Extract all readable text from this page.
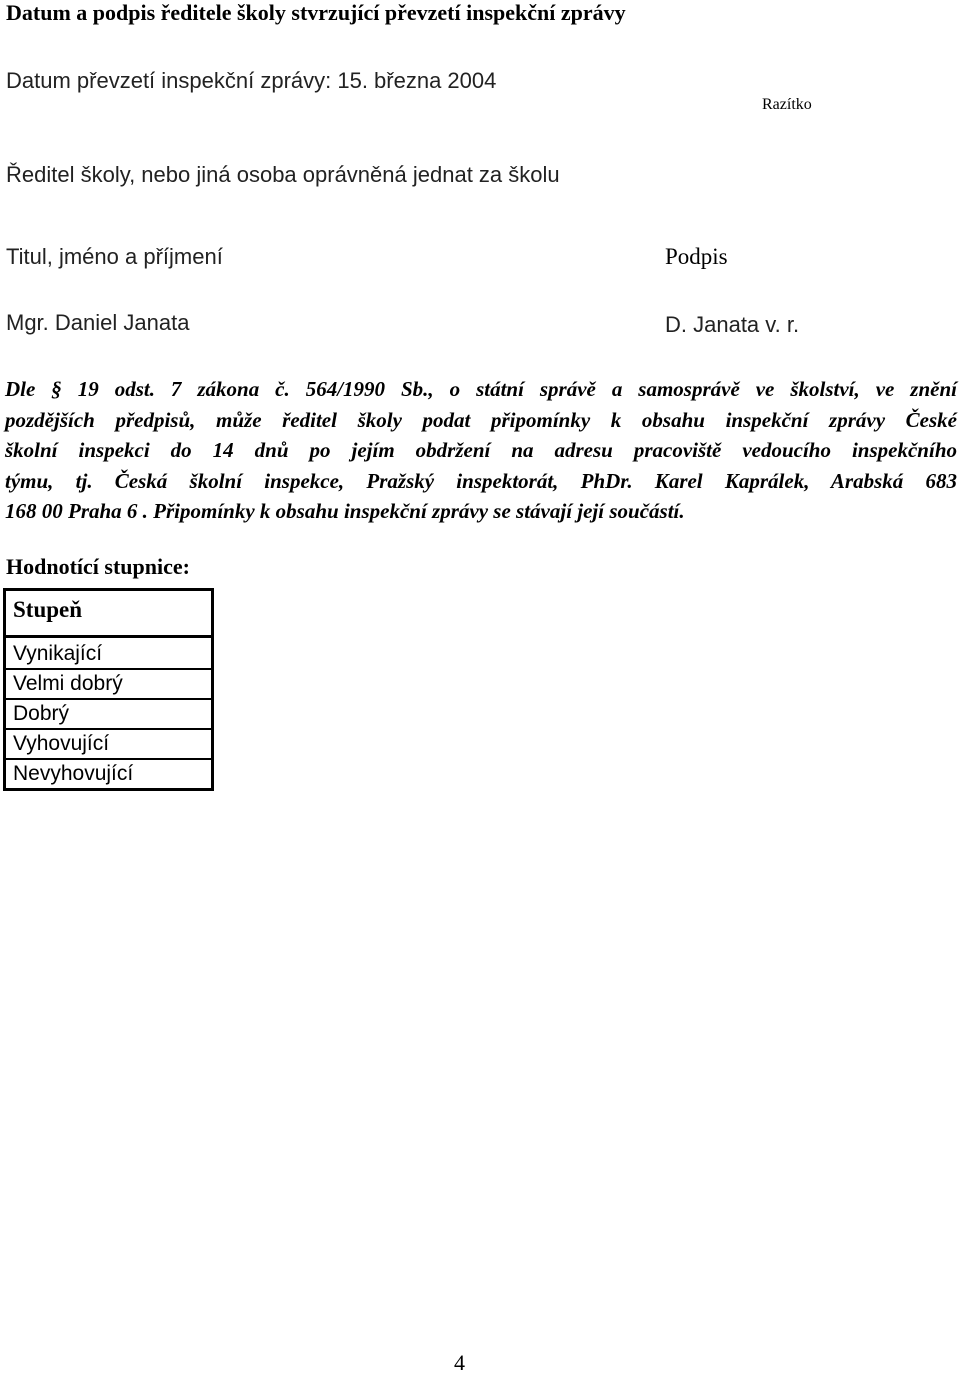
Datum a podpis ředitele školy stvrzující převzetí inspekční zprávy
Datum převzetí inspekční zprávy: 15. března 2004
Razítko
Ředitel školy, nebo jiná osoba oprávněná jednat za školu
Titul, jméno a příjmení	Podpis
Mgr. Daniel Janata	D. Janata v. r.
Dle § 19 odst. 7 zákona č. 564/1990 Sb., o státní správě a samosprávě ve školství, ve znění
pozdějších předpisů, může ředitel školy podat připomínky k obsahu inspekční zprávy České
školní inspekci do 14 dnů po jejím obdržení na adresu pracoviště vedoucího inspekčního
týmu, tj. Česká školní inspekce, Pražský inspektorát, PhDr. Karel Kaprálek, Arabská 683
168 00 Praha 6 . Připomínky k obsahu inspekční zprávy se stávají její součástí.
Hodnotící stupnice:
Stupeň
Vynikající
Velmi dobrý
Dobrý
Vyhovující
Nevyhovující
4
